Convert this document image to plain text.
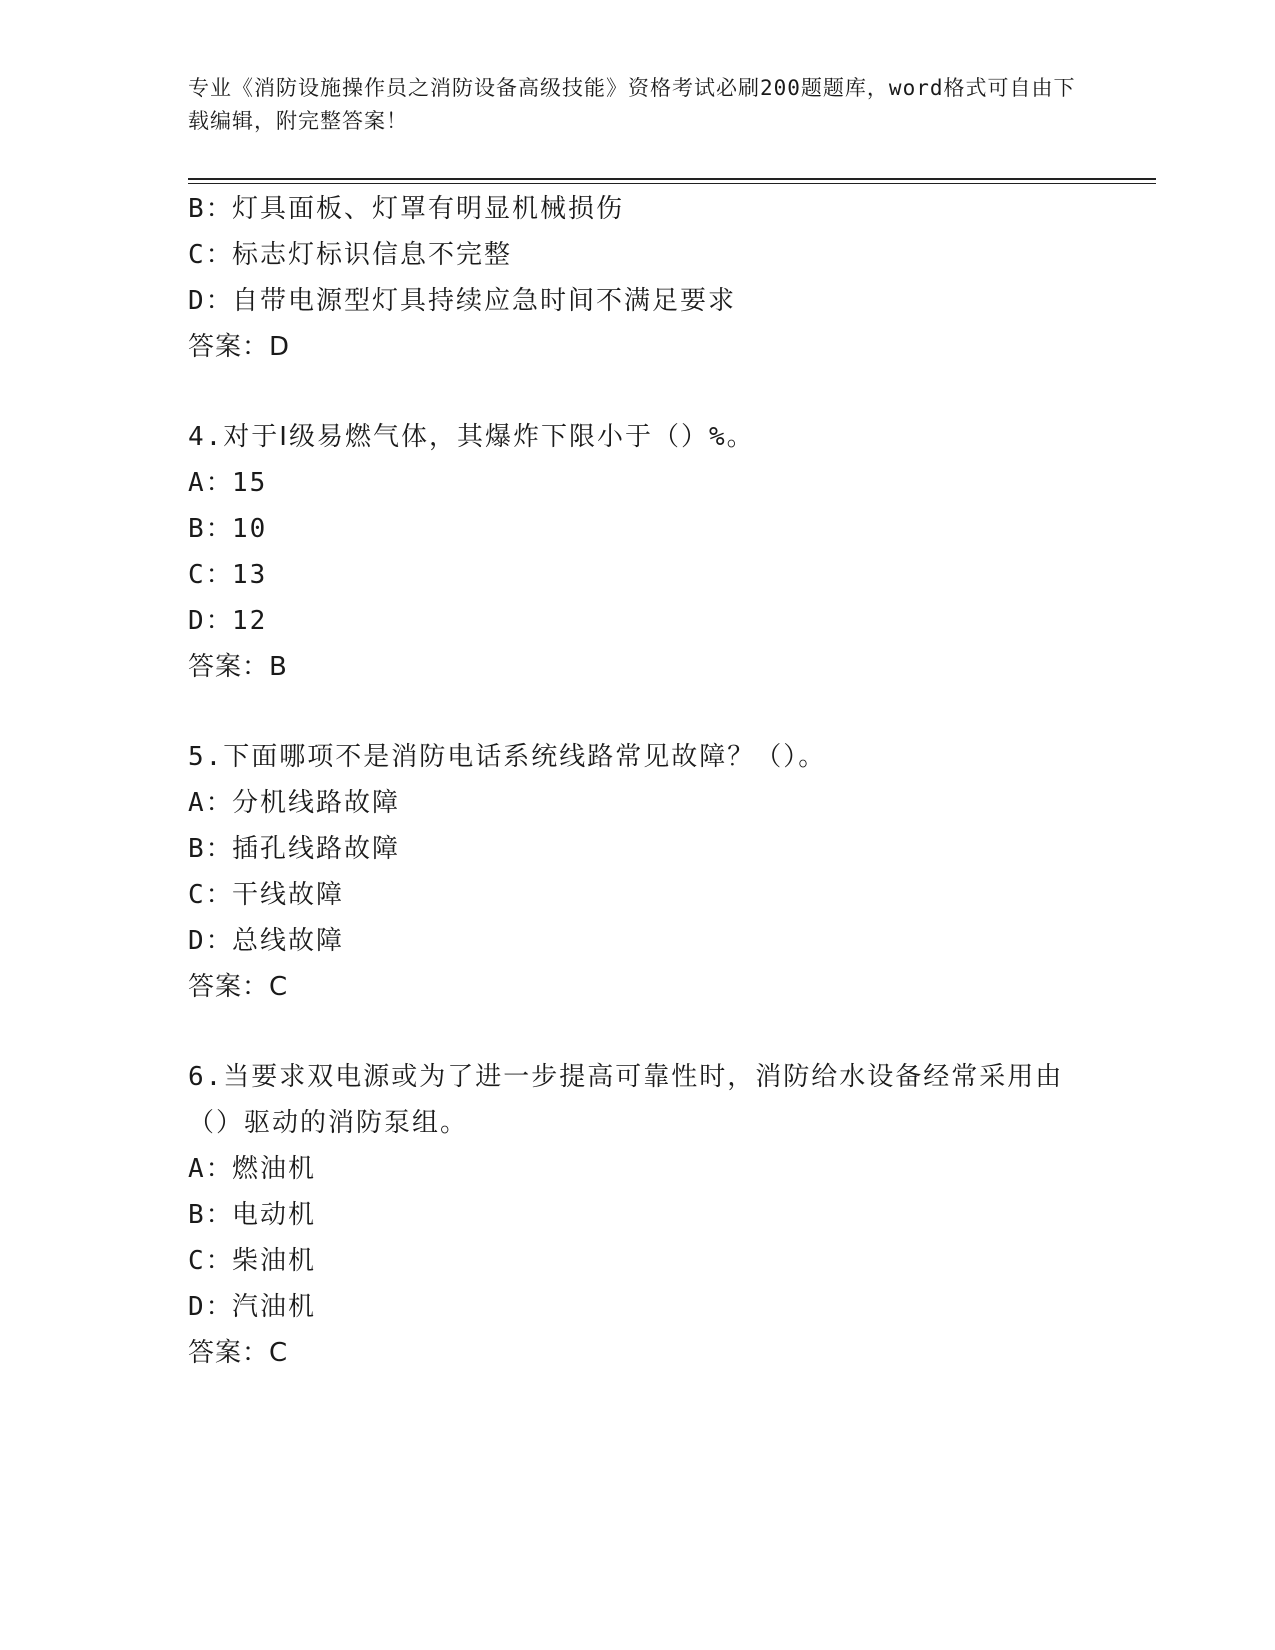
专业《消防设施操作员之消防设备高级技能》资格考试必刷200题题库，word格式可自由下载编辑，附完整答案！
B：灯具面板、灯罩有明显机械损伤
C：标志灯标识信息不完整
D：自带电源型灯具持续应急时间不满足要求
答案：D
4.对于Ⅰ级易燃气体，其爆炸下限小于（）%。
A：15
B：10
C：13
D：12
答案：B
5.下面哪项不是消防电话系统线路常见故障？（）。
A：分机线路故障
B：插孔线路故障
C：干线故障
D：总线故障
答案：C
6.当要求双电源或为了进一步提高可靠性时，消防给水设备经常采用由（）驱动的消防泵组。
A：燃油机
B：电动机
C：柴油机
D：汽油机
答案：C
